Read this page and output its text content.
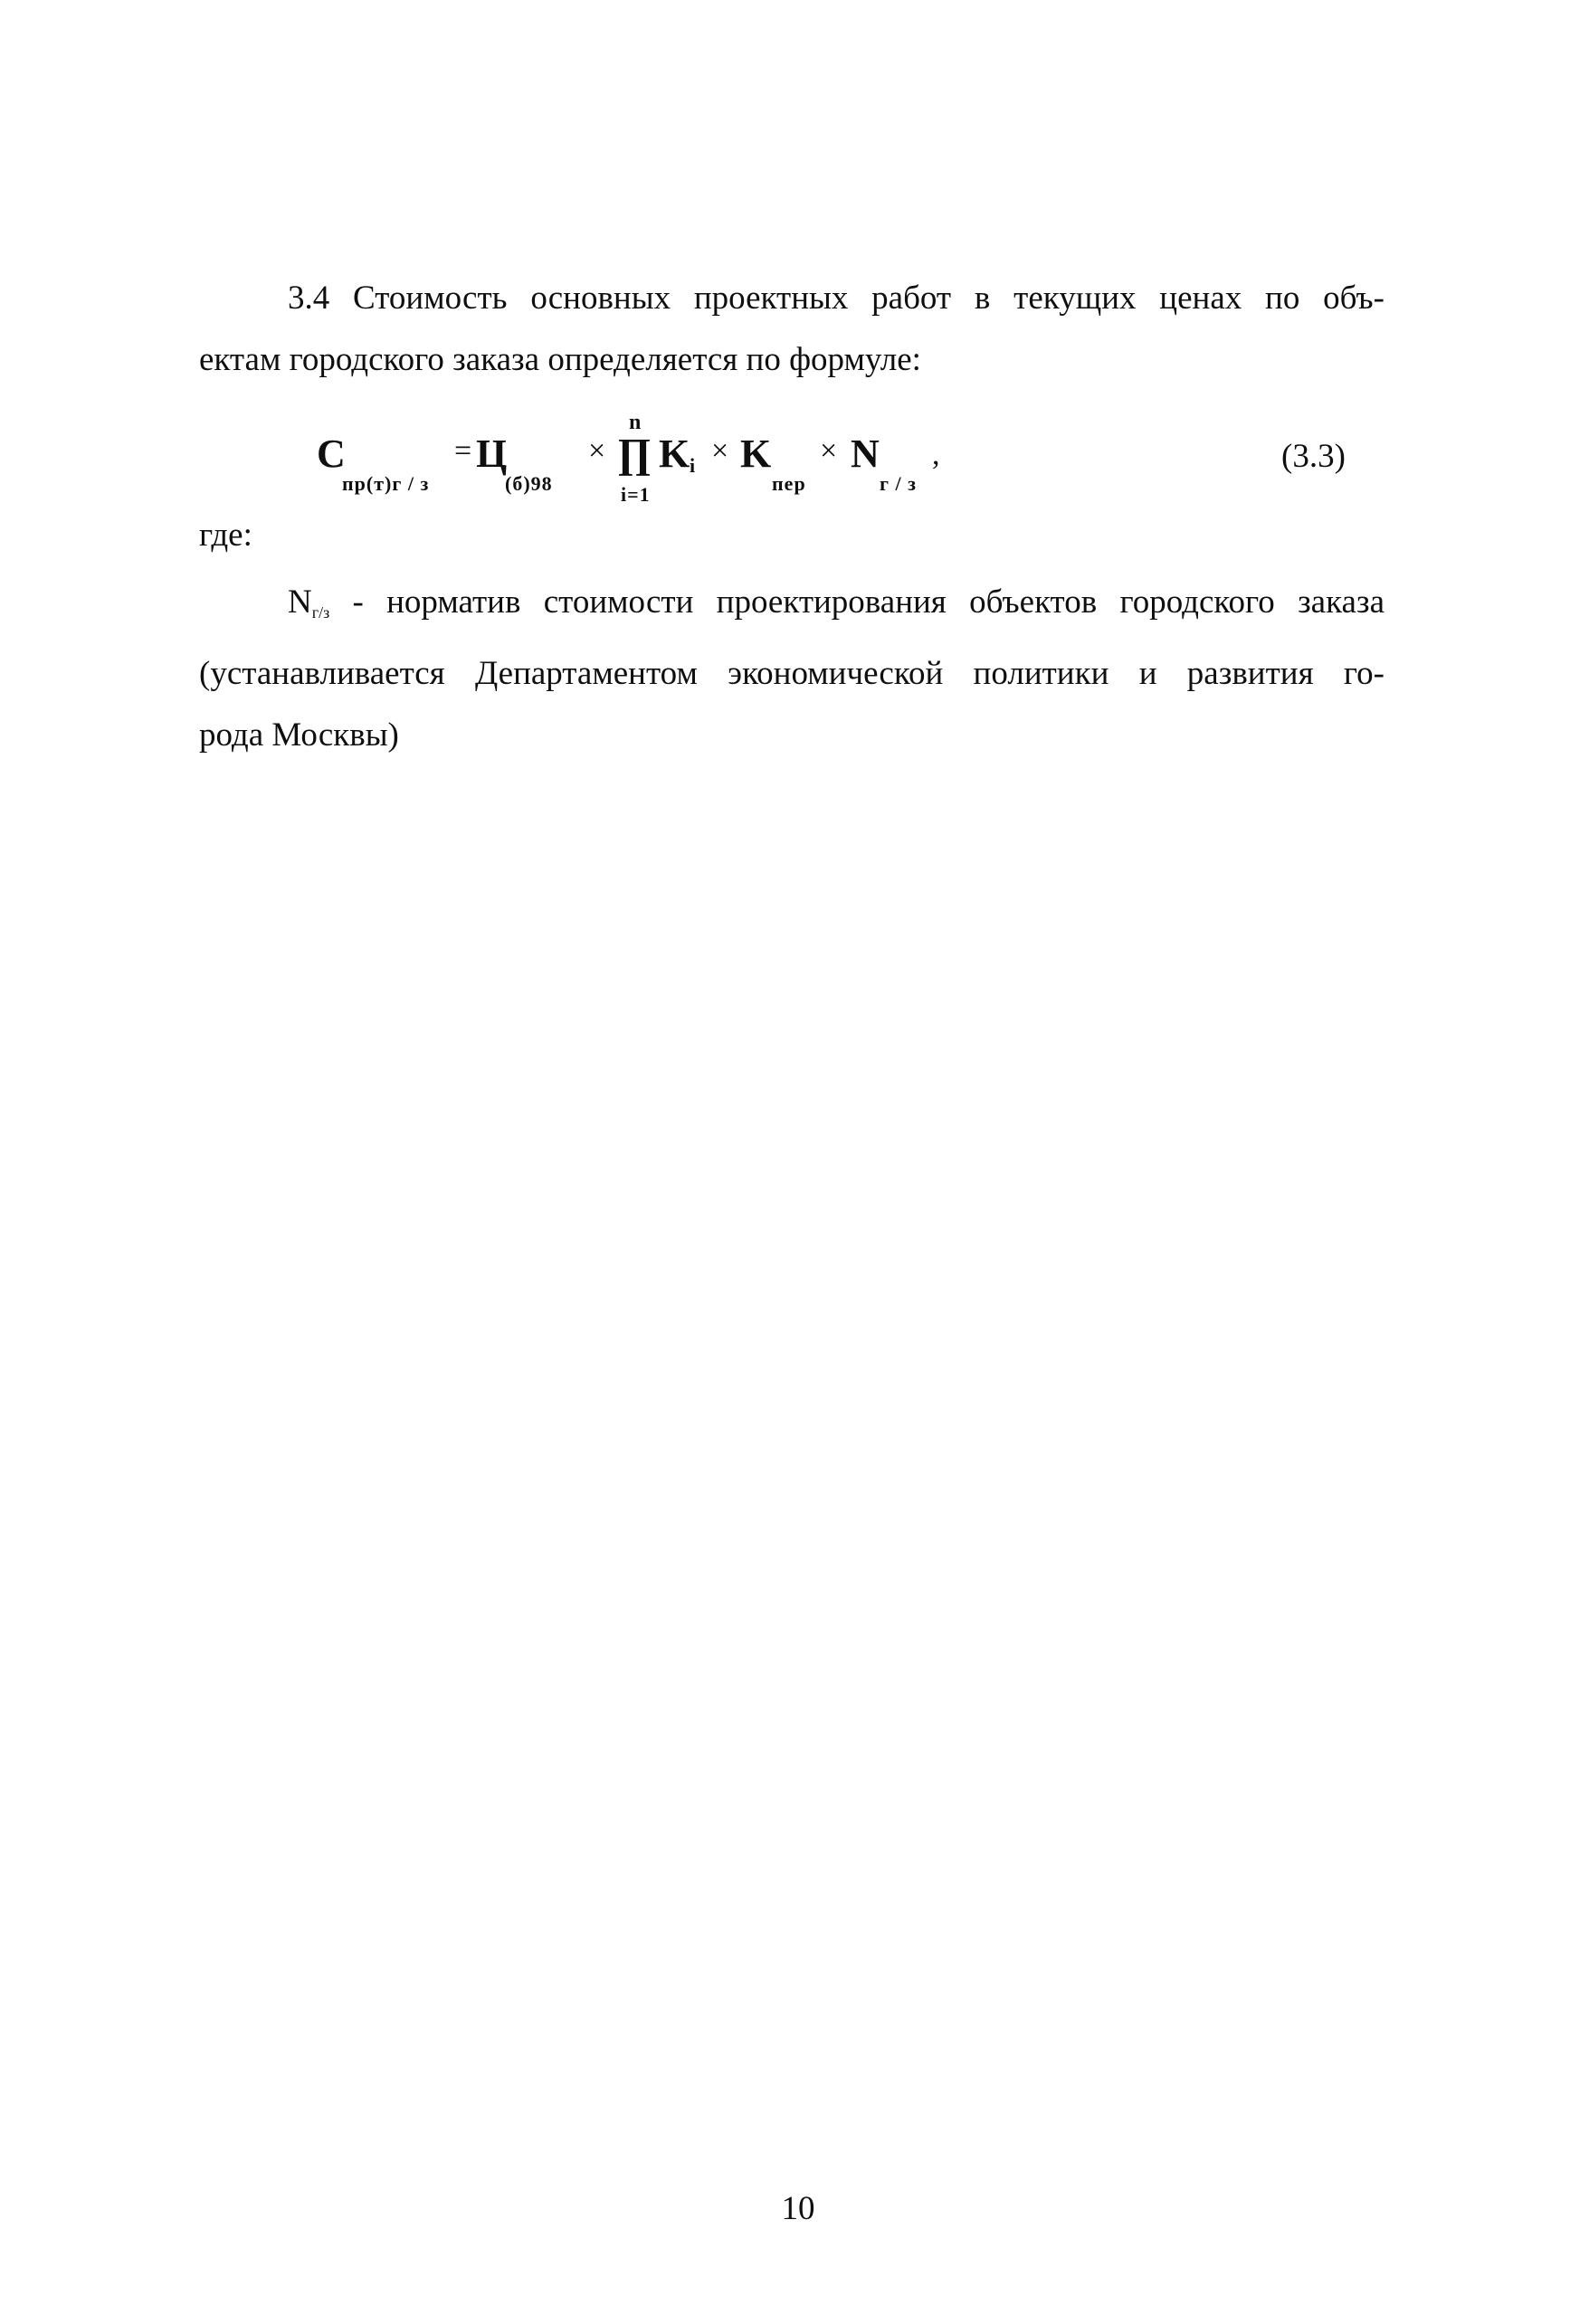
3.4 Стоимость основных проектных работ в текущих ценах по объ-
ектам городского заказа определяется по формуле:

C
пр(т)г / з
= Ц
(б)98
×
n
∏
i=1
K i × K
пер
× N
г / з
,	(3.3)
где:

Nг/з - норматив стоимости проектирования объектов городского заказа
(устанавливается Департаментом экономической политики и развития го-
рода Москвы)

10
